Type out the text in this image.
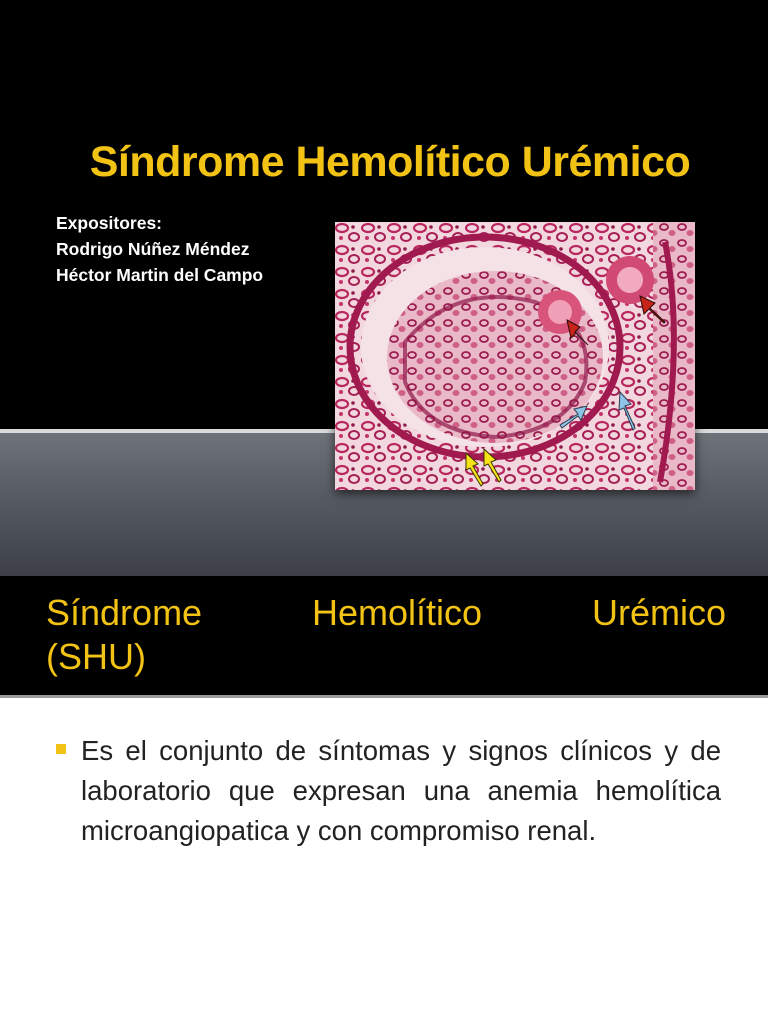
Síndrome Hemolítico Urémico
Expositores:
Rodrigo Núñez Méndez
Héctor Martin del Campo
Síndrome Hemolítico Urémico
(SHU)
Es el conjunto de síntomas y signos clínicos y de laboratorio que expresan una anemia hemolítica microangiopatica y con compromiso renal.
